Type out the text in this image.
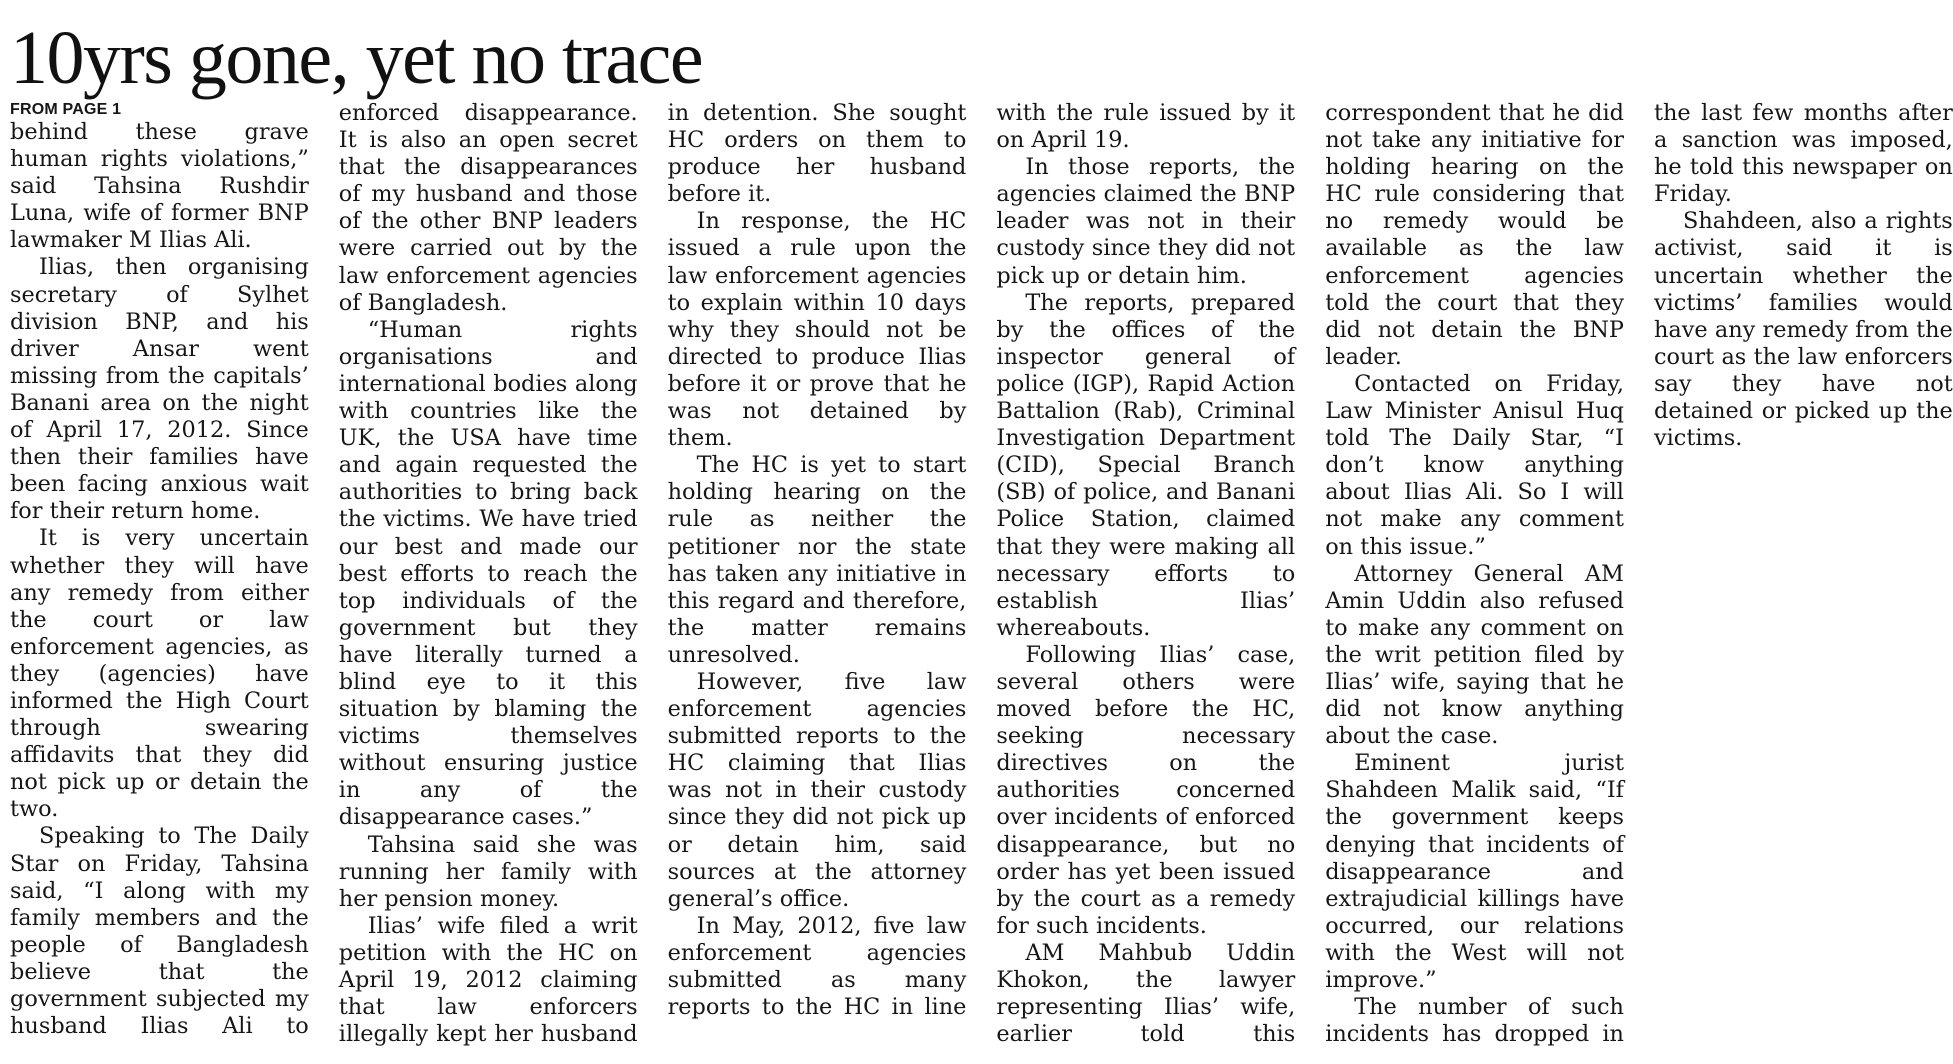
10yrs gone, yet no trace
FROM PAGE 1

behind these grave human rights violations,” said Tahsina Rushdir Luna, wife of former BNP lawmaker M Ilias Ali.

Ilias, then organising secretary of Sylhet division BNP, and his driver Ansar went missing from the capitals’ Banani area on the night of April 17, 2012. Since then their families have been facing anxious wait for their return home.

It is very uncertain whether they will have any remedy from either the court or law enforcement agencies, as they (agencies) have informed the High Court through swearing affidavits that they did not pick up or detain the two.

Speaking to The Daily Star on Friday, Tahsina said, “I along with my family members and the people of Bangladesh believe that the government subjected my husband Ilias Ali to enforced disappearance. It is also an open secret that the disappearances of my husband and those of the other BNP leaders were carried out by the law enforcement agencies of Bangladesh.

“Human rights organisations and international bodies along with countries like the UK, the USA have time and again requested the authorities to bring back the victims. We have tried our best and made our best efforts to reach the top individuals of the government but they have literally turned a blind eye to it this situation by blaming the victims themselves without ensuring justice in any of the disappearance cases.”

Tahsina said she was running her family with her pension money.

Ilias’ wife filed a writ petition with the HC on April 19, 2012 claiming that law enforcers illegally kept her husband in detention. She sought HC orders on them to produce her husband before it.

In response, the HC issued a rule upon the law enforcement agencies to explain within 10 days why they should not be directed to produce Ilias before it or prove that he was not detained by them.

The HC is yet to start holding hearing on the rule as neither the petitioner nor the state has taken any initiative in this regard and therefore, the matter remains unresolved.

However, five law enforcement agencies submitted reports to the HC claiming that Ilias was not in their custody since they did not pick up or detain him, said sources at the attorney general’s office.

In May, 2012, five law enforcement agencies submitted as many reports to the HC in line with the rule issued by it on April 19.

In those reports, the agencies claimed the BNP leader was not in their custody since they did not pick up or detain him.

The reports, prepared by the offices of the inspector general of police (IGP), Rapid Action Battalion (Rab), Criminal Investigation Department (CID), Special Branch (SB) of police, and Banani Police Station, claimed that they were making all necessary efforts to establish Ilias’ whereabouts.

Following Ilias’ case, several others were moved before the HC, seeking necessary directives on the authorities concerned over incidents of enforced disappearance, but no order has yet been issued by the court as a remedy for such incidents.

AM Mahbub Uddin Khokon, the lawyer representing Ilias’ wife, earlier told this correspondent that he did not take any initiative for holding hearing on the HC rule considering that no remedy would be available as the law enforcement agencies told the court that they did not detain the BNP leader.

Contacted on Friday, Law Minister Anisul Huq told The Daily Star, “I don’t know anything about Ilias Ali. So I will not make any comment on this issue.”

Attorney General AM Amin Uddin also refused to make any comment on the writ petition filed by Ilias’ wife, saying that he did not know anything about the case.

Eminent jurist Shahdeen Malik said, “If the government keeps denying that incidents of disappearance and extrajudicial killings have occurred, our relations with the West will not improve.”

The number of such incidents has dropped in the last few months after a sanction was imposed, he told this newspaper on Friday.

Shahdeen, also a rights activist, said it is uncertain whether the victims’ families would have any remedy from the court as the law enforcers say they have not detained or picked up the victims.
